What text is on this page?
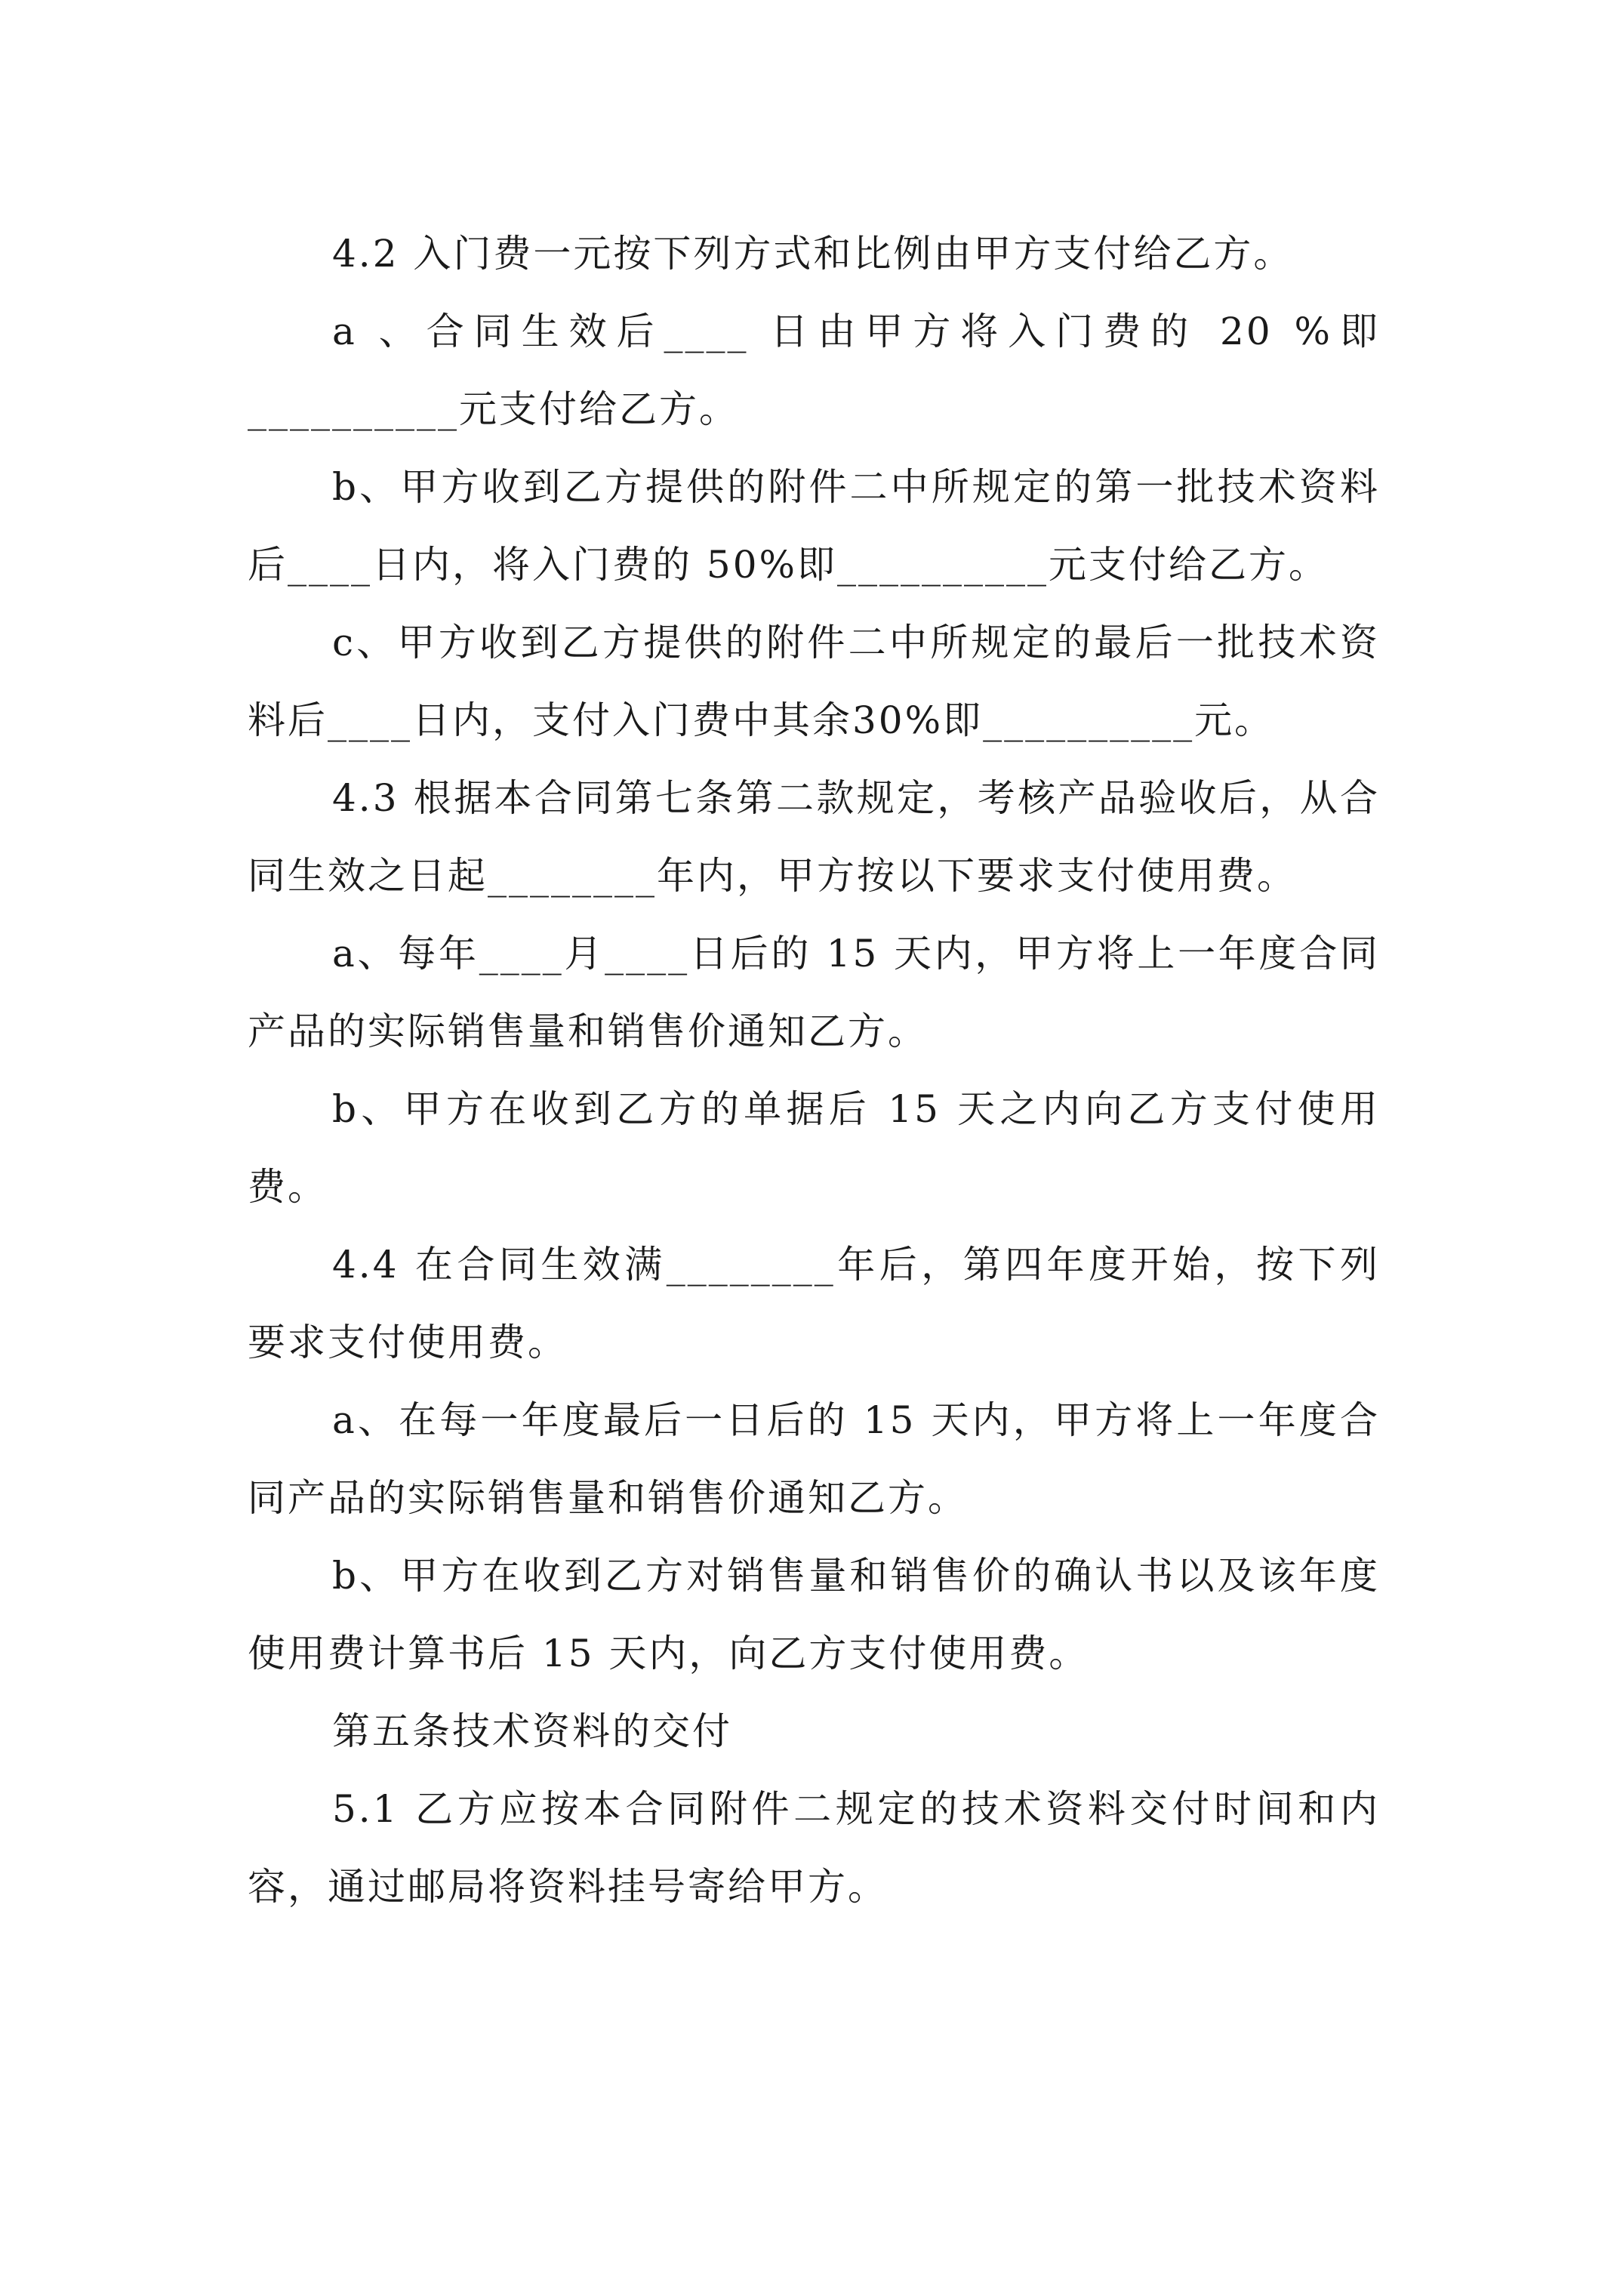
4.2 入门费一元按下列方式和比例由甲方支付给乙方。

a 、合同生效后____ 日由甲方将入门费的 20 %即__________元支付给乙方。

b、甲方收到乙方提供的附件二中所规定的第一批技术资料后____日内，将入门费的 50%即__________元支付给乙方。

c、甲方收到乙方提供的附件二中所规定的最后一批技术资料后____日内，支付入门费中其余30%即__________元。

4.3 根据本合同第七条第二款规定，考核产品验收后，从合同生效之日起________年内，甲方按以下要求支付使用费。

a、每年____月____日后的 15 天内，甲方将上一年度合同产品的实际销售量和销售价通知乙方。

b、甲方在收到乙方的单据后 15 天之内向乙方支付使用费。

4.4 在合同生效满________年后，第四年度开始，按下列要求支付使用费。

a、在每一年度最后一日后的 15 天内，甲方将上一年度合同产品的实际销售量和销售价通知乙方。

b、甲方在收到乙方对销售量和销售价的确认书以及该年度使用费计算书后 15 天内，向乙方支付使用费。

第五条技术资料的交付

5.1 乙方应按本合同附件二规定的技术资料交付时间和内容，通过邮局将资料挂号寄给甲方。
